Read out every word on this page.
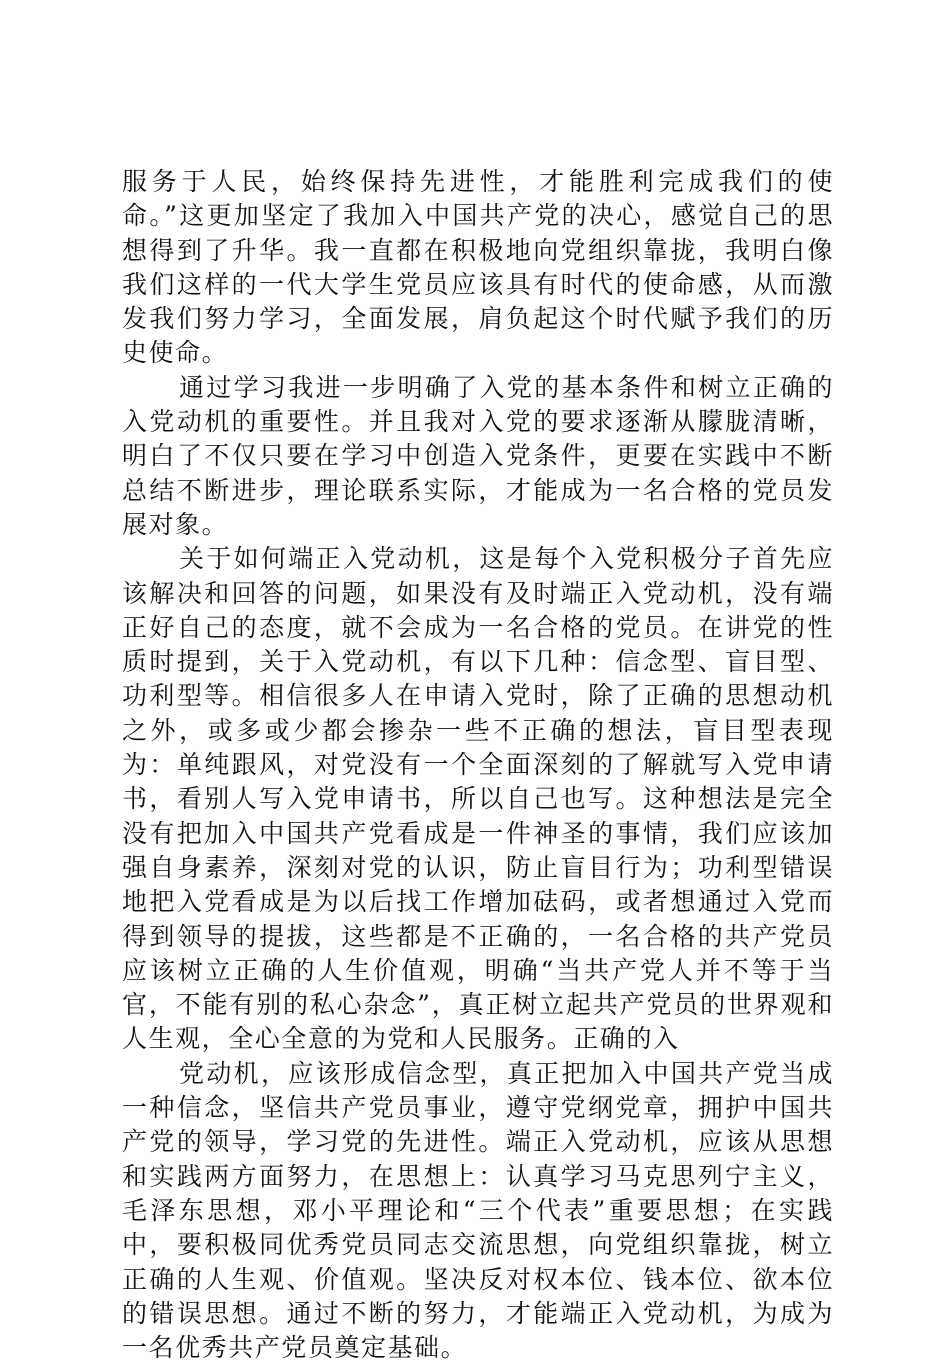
服务于人民，始终保持先进性，才能胜利完成我们的使命。”这更加坚定了我加入中国共产党的决心，感觉自己的思想得到了升华。我一直都在积极地向党组织靠拢，我明白像我们这样的一代大学生党员应该具有时代的使命感，从而激发我们努力学习，全面发展，肩负起这个时代赋予我们的历史使命。

通过学习我进一步明确了入党的基本条件和树立正确的入党动机的重要性。并且我对入党的要求逐渐从朦胧清晰，明白了不仅只要在学习中创造入党条件，更要在实践中不断总结不断进步，理论联系实际，才能成为一名合格的党员发展对象。

关于如何端正入党动机，这是每个入党积极分子首先应该解决和回答的问题，如果没有及时端正入党动机，没有端正好自己的态度，就不会成为一名合格的党员。在讲党的性质时提到，关于入党动机，有以下几种：信念型、盲目型、功利型等。相信很多人在申请入党时，除了正确的思想动机之外，或多或少都会掺杂一些不正确的想法，盲目型表现为：单纯跟风，对党没有一个全面深刻的了解就写入党申请书，看别人写入党申请书，所以自己也写。这种想法是完全没有把加入中国共产党看成是一件神圣的事情，我们应该加强自身素养，深刻对党的认识，防止盲目行为；功利型错误地把入党看成是为以后找工作增加砝码，或者想通过入党而得到领导的提拔，这些都是不正确的，一名合格的共产党员应该树立正确的人生价值观，明确“当共产党人并不等于当官，不能有别的私心杂念”，真正树立起共产党员的世界观和人生观，全心全意的为党和人民服务。正确的入

党动机，应该形成信念型，真正把加入中国共产党当成一种信念，坚信共产党员事业，遵守党纲党章，拥护中国共产党的领导，学习党的先进性。端正入党动机，应该从思想和实践两方面努力，在思想上：认真学习马克思列宁主义，毛泽东思想，邓小平理论和“三个代表”重要思想；在实践中，要积极同优秀党员同志交流思想，向党组织靠拢，树立正确的人生观、价值观。坚决反对权本位、钱本位、欲本位的错误思想。通过不断的努力，才能端正入党动机，为成为一名优秀共产党员奠定基础。
